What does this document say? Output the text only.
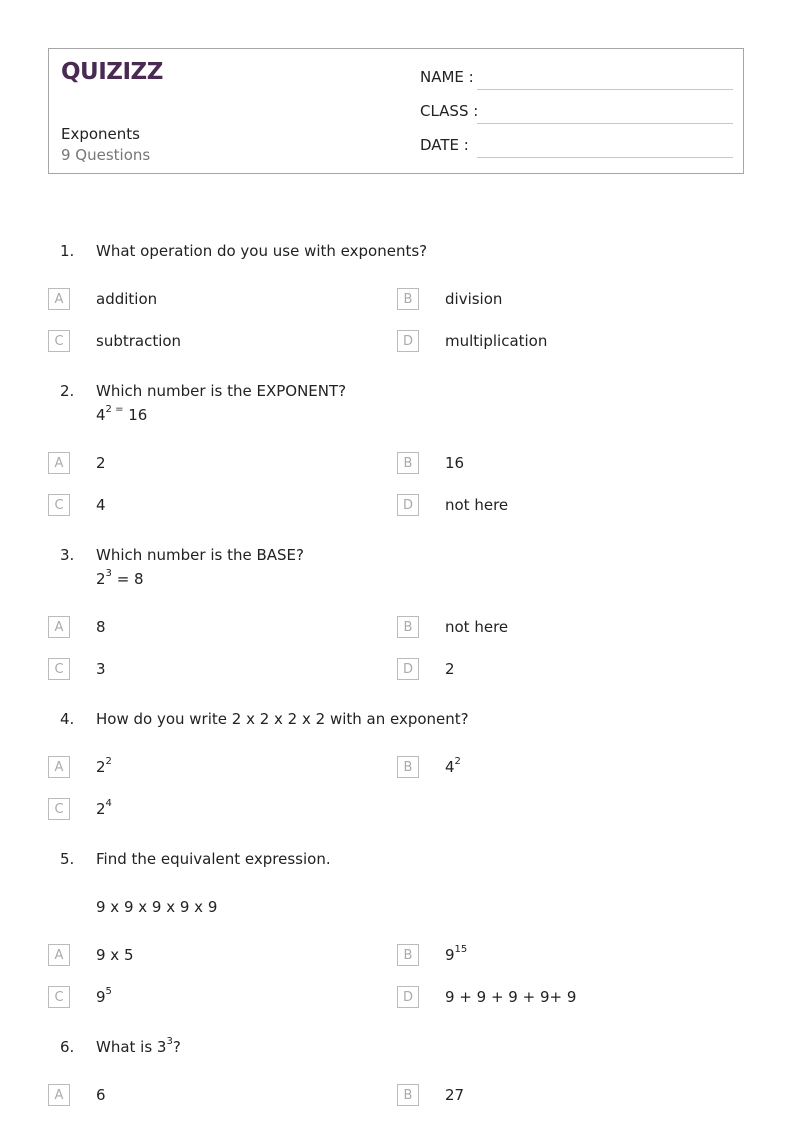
QUIZIZZ
Exponents
9 Questions
NAME :
CLASS :
DATE :
1. What operation do you use with exponents?
A	addition	B	division
C	subtraction	D	multiplication
2. Which number is the EXPONENT?
$4^{2 =}$ 16
A	2	B	16
C	4	D	not here
3. Which number is the BASE?
$2^3 = 8$
A	8	B	not here
C	3	D	2
4. How do you write 2 x 2 x 2 x 2 with an exponent?
A	$2^2$	B	$4^2$
C	$2^4$
5. Find the equivalent expression.
9 x 9 x 9 x 9 x 9
A	9 x 5	B	$9^{15}$
C	$9^5$	D	9 + 9 + 9 + 9+ 9
6. What is $3^3$?
A	6	B	27
